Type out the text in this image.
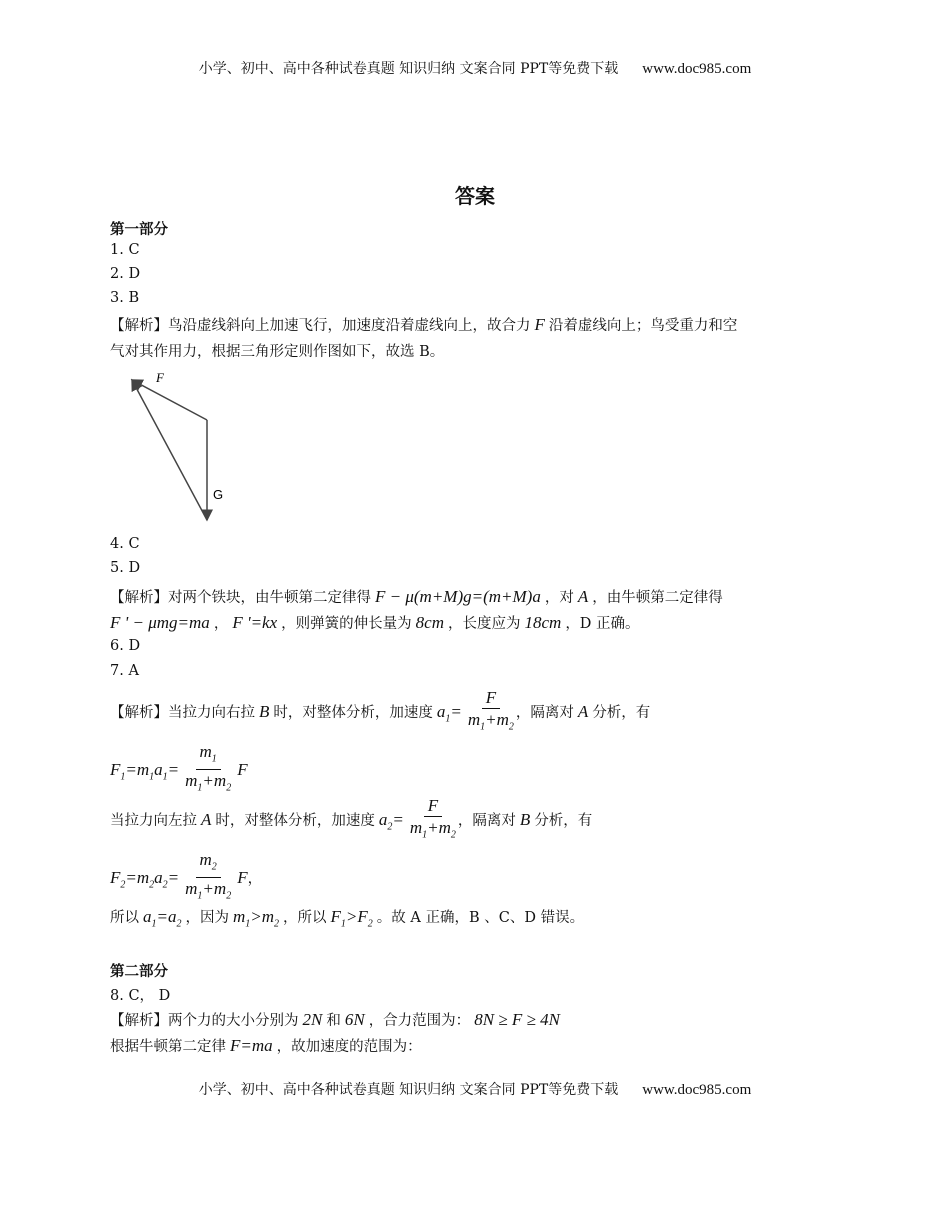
小学、初中、高中各种试卷真题 知识归纳 文案合同 PPT等免费下载 www.doc985.com
答案
第一部分
1. C
2. D
3. B
【解析】鸟沿虚线斜向上加速飞行，加速度沿着虚线向上，故合力 F 沿着虚线向上；鸟受重力和空
气对其作用力，根据三角形定则作图如下，故选 B。
F
G
4. C
5. D
【解析】对两个铁块，由牛顿第二定律得 F − μ(m+M)g=(m+M)a ，对 A ，由牛顿第二定律得
F ' − μmg=ma ， F '=kx ，则弹簧的伸长量为 8cm ，长度应为 18cm ，D 正确。
6. D
7. A
【解析】当拉力向右拉 B 时，对整体分析，加速度 $a_1= \frac{F}{m_1+m_2}$ ，隔离对 A 分析，有
$F_1=m_1a_1= \frac{m_1}{m_1+m_2}$ F
当拉力向左拉 A 时，对整体分析，加速度 $a_2= \frac{F}{m_1+m_2}$ ，隔离对 B 分析，有
$F_2=m_2a_2= \frac{m_2}{m_1+m_2}$ F，
所以 $a_1=a_2$ ，因为 $m_1>m_2$ ，所以 $F_1>F_2$ 。故 A 正确，B 、C、D 错误。
第二部分
8. C， D
【解析】两个力的大小分别为 2N 和 6N ，合力范围为： 8N ≥ F ≥ 4N
根据牛顿第二定律 F=ma ，故加速度的范围为：
小学、初中、高中各种试卷真题 知识归纳 文案合同 PPT等免费下载 www.doc985.com
